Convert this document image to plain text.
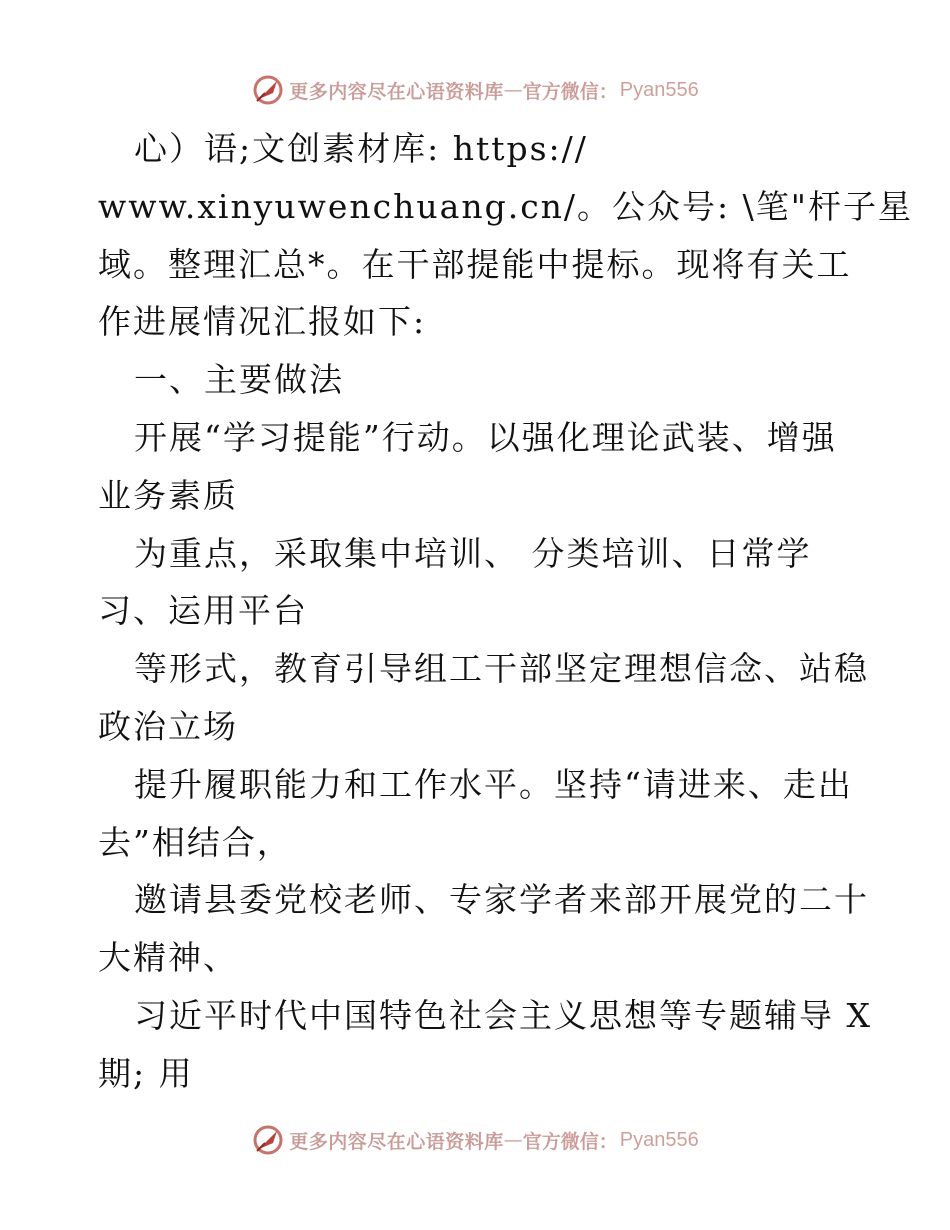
更多内容尽在心语资料库 — 官方微信： Pyan556

心）语;文创素材库: https://

www.xinyuwenchuang.cn/。公众号: \笔"杆子星

域。整理汇总*。在干部提能中提标。现将有关工

作进展情况汇报如下:

一、主要做法

开展“学习提能”行动。以强化理论武装、增强

业务素质

为重点，采取集中培训、 分类培训、日常学

习、运用平台

等形式，教育引导组工干部坚定理想信念、站稳

政治立场

提升履职能力和工作水平。坚持“请进来、走出

去”相结合，

邀请县委党校老师、专家学者来部开展党的二十

大精神、

习近平时代中国特色社会主义思想等专题辅导 X

期; 用

更多内容尽在心语资料库 — 官方微信： Pyan556
